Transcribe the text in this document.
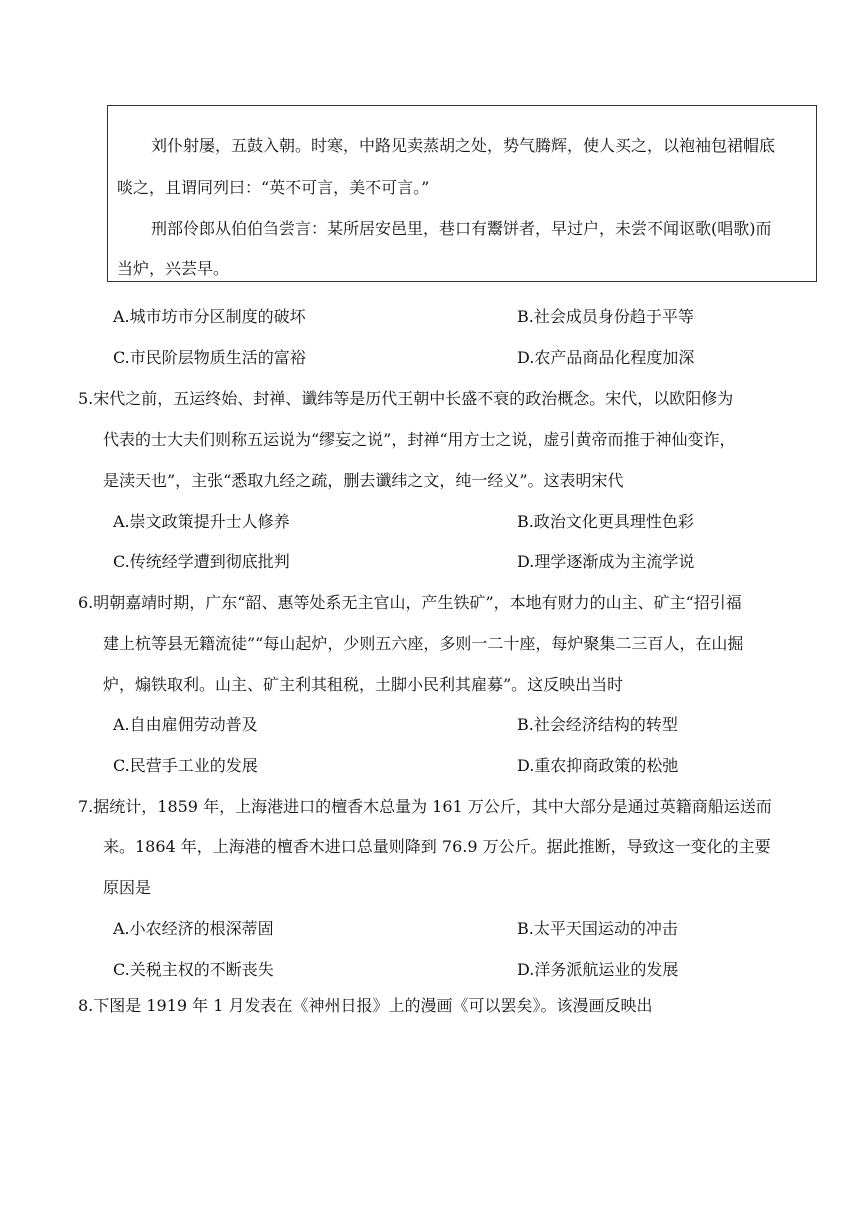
刘仆射屡，五鼓入朝。时寒，中路见卖蒸胡之处，势气腾辉，使人买之，以袍袖包裙帽底
啖之，且谓同列曰：“英不可言，美不可言。”
刑部伶郎从伯伯刍尝言：某所居安邑里，巷口有鬻饼者，早过户，未尝不闻讴歌(唱歌)而
当炉，兴芸早。
A.城市坊市分区制度的破坏	B.社会成员身份趋于平等
C.市民阶层物质生活的富裕	D.农产品商品化程度加深
5.宋代之前，五运终始、封禅、谶纬等是历代王朝中长盛不衰的政治概念。宋代，以欧阳修为
代表的士大夫们则称五运说为“缪妄之说”，封禅“用方士之说，虚引黄帝而推于神仙变诈，
是渎天也”，主张“悉取九经之疏，删去谶纬之文，纯一经义”。这表明宋代
A.崇文政策提升士人修养	B.政治文化更具理性色彩
C.传统经学遭到彻底批判	D.理学逐渐成为主流学说
6.明朝嘉靖时期，广东“韶、惠等处系无主官山，产生铁矿”，本地有财力的山主、矿主“招引福
建上杭等县无籍流徒”“每山起炉，少则五六座，多则一二十座，每炉聚集二三百人，在山掘
炉，煽铁取利。山主、矿主利其租税，土脚小民利其雇募”。这反映出当时
A.自由雇佣劳动普及	B.社会经济结构的转型
C.民营手工业的发展	D.重农抑商政策的松弛
7.据统计，1859 年，上海港进口的檀香木总量为 161 万公斤，其中大部分是通过英籍商船运送而
来。1864 年，上海港的檀香木进口总量则降到 76.9 万公斤。据此推断，导致这一变化的主要
原因是
A.小农经济的根深蒂固	B.太平天国运动的冲击
C.关税主权的不断丧失	D.洋务派航运业的发展
8.下图是 1919 年 1 月发表在《神州日报》上的漫画《可以罢矣》。该漫画反映出
